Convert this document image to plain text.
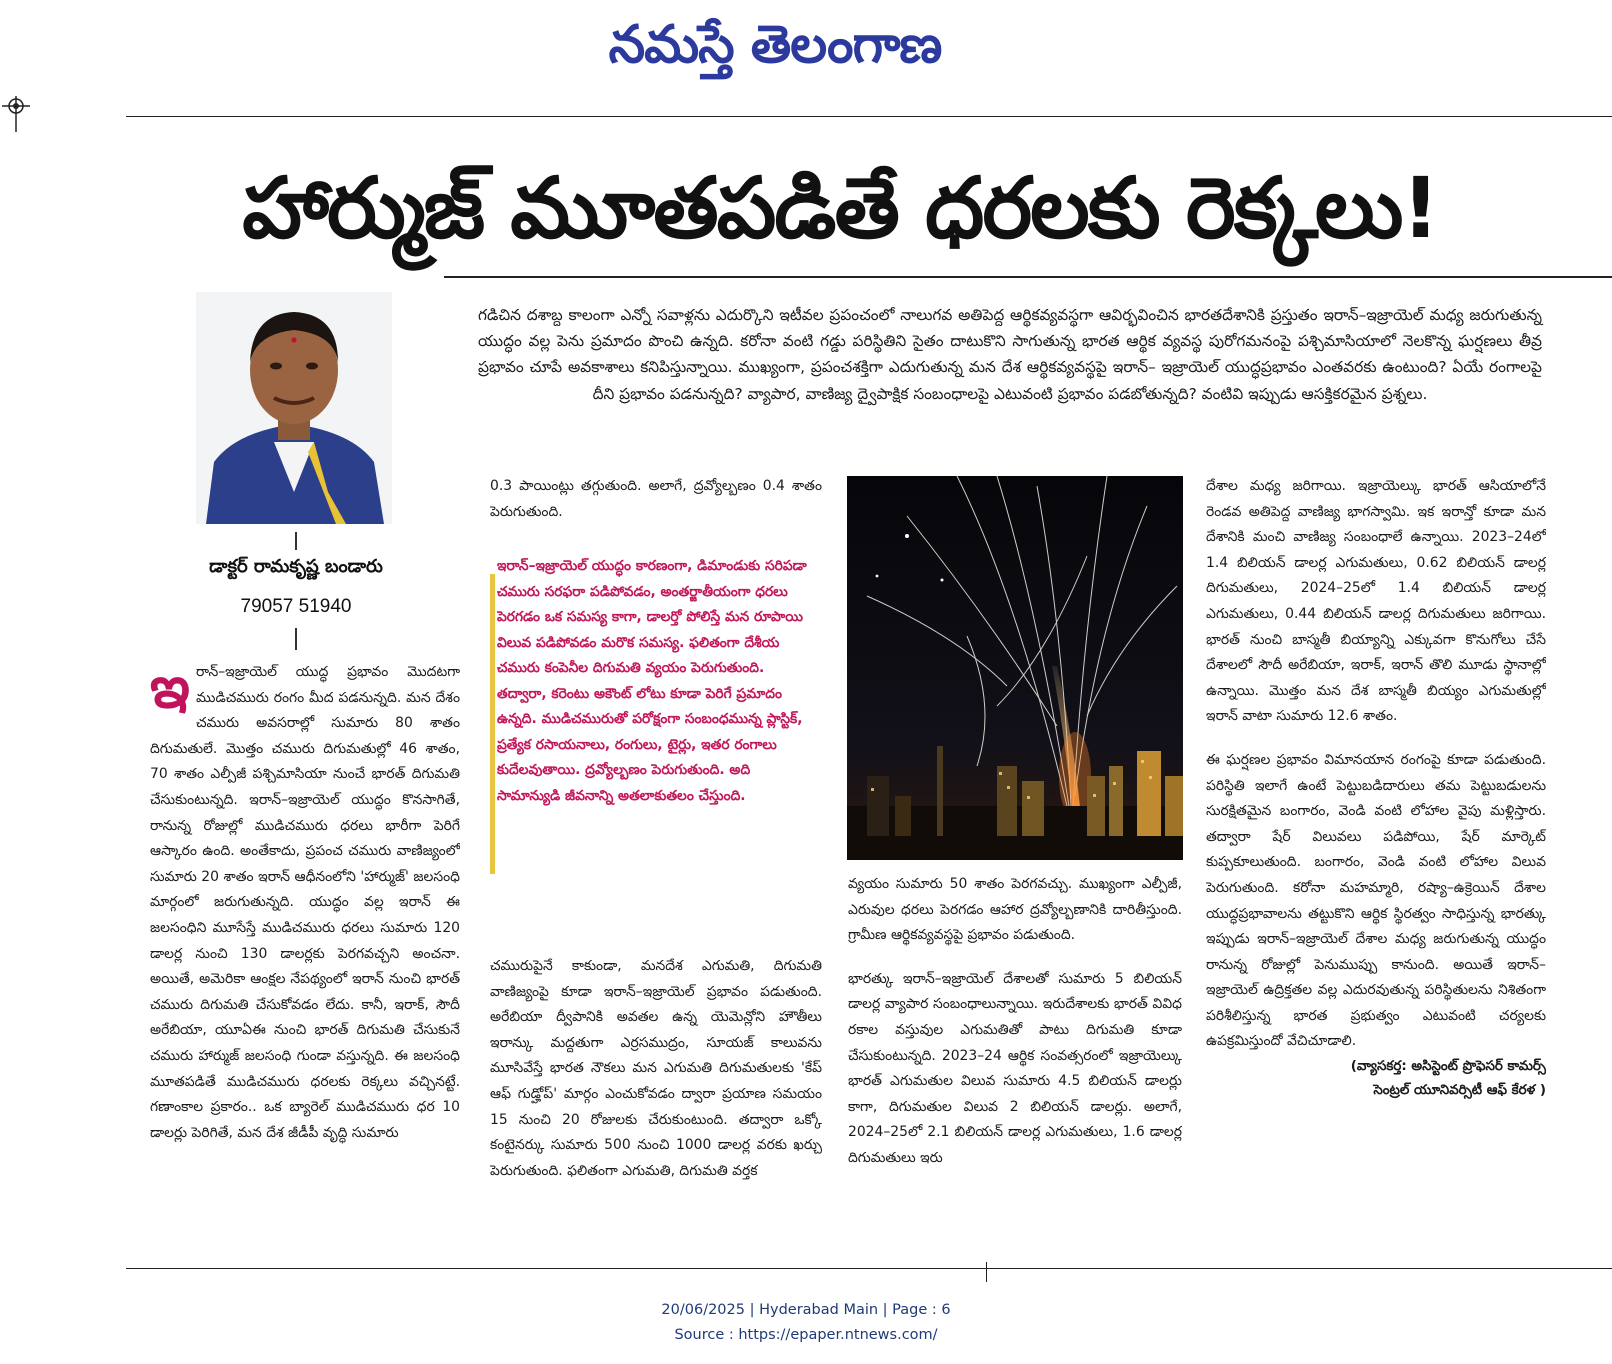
నమస్తే తెలంగాణ
హార్ముజ్ మూతపడితే ధరలకు రెక్కలు!
గడిచిన దశాబ్ద కాలంగా ఎన్నో సవాళ్లను ఎదుర్కొని ఇటీవల ప్రపంచంలో నాలుగవ అతిపెద్ద ఆర్థికవ్యవస్థగా ఆవిర్భవించిన భారతదేశానికి ప్రస్తుతం ఇరాన్–ఇజ్రాయెల్ మధ్య జరుగుతున్న యుద్ధం వల్ల పెను ప్రమాదం పొంచి ఉన్నది. కరోనా వంటి గడ్డు పరిస్థితిని సైతం దాటుకొని సాగుతున్న భారత ఆర్థిక వ్యవస్థ పురోగమనంపై పశ్చిమాసియాలో నెలకొన్న ఘర్షణలు తీవ్ర ప్రభావం చూపే అవకాశాలు కనిపిస్తున్నాయి. ముఖ్యంగా, ప్రపంచశక్తిగా ఎదుగుతున్న మన దేశ ఆర్థికవ్యవస్థపై ఇరాన్– ఇజ్రాయెల్ యుద్ధప్రభావం ఎంతవరకు ఉంటుంది? ఏయే రంగాలపై దీని ప్రభావం పడనున్నది? వ్యాపార, వాణిజ్య ద్వైపాక్షిక సంబంధాలపై ఎటువంటి ప్రభావం పడబోతున్నది? వంటివి ఇప్పుడు ఆసక్తికరమైన ప్రశ్నలు.
డాక్టర్ రామకృష్ణ బండారు
79057 51940
ఇ రాన్–ఇజ్రాయెల్ యుద్ధ ప్రభావం మొదటగా ముడిచమురు రంగం మీద పడనున్నది. మన దేశం చమురు అవసరాల్లో సుమారు 80 శాతం దిగుమతులే. మొత్తం చమురు దిగుమతుల్లో 46 శాతం, 70 శాతం ఎల్పీజీ పశ్చిమాసియా నుంచే భారత్ దిగుమతి చేసుకుంటున్నది. ఇరాన్–ఇజ్రాయెల్ యుద్ధం కొనసాగితే, రానున్న రోజుల్లో ముడిచమురు ధరలు భారీగా పెరిగే ఆస్కారం ఉంది. అంతేకాదు, ప్రపంచ చమురు వాణిజ్యంలో సుమారు 20 శాతం ఇరాన్ ఆధీనంలోని 'హార్ముజ్' జలసంధి మార్గంలో జరుగుతున్నది. యుద్ధం వల్ల ఇరాన్ ఈ జలసంధిని మూసేస్తే ముడిచమురు ధరలు సుమారు 120 డాలర్ల నుంచి 130 డాలర్లకు పెరగవచ్చని అంచనా. అయితే, అమెరికా ఆంక్షల నేపథ్యంలో ఇరాన్ నుంచి భారత్ చమురు దిగుమతి చేసుకోవడం లేదు. కానీ, ఇరాక్, సౌదీ అరేబియా, యూఏఈ నుంచి భారత్ దిగుమతి చేసుకునే చమురు హార్ముజ్ జలసంధి గుండా వస్తున్నది. ఈ జలసంధి మూతపడితే ముడిచమురు ధరలకు రెక్కలు వచ్చినట్టే. గణాంకాల ప్రకారం.. ఒక బ్యారెల్ ముడిచమురు ధర 10 డాలర్లు పెరిగితే, మన దేశ జీడీపీ వృద్ధి సుమారు

0.3 పాయింట్లు తగ్గుతుంది. అలాగే, ద్రవ్యోల్బణం 0.4 శాతం పెరుగుతుంది.

ఇరాన్–ఇజ్రాయెల్ యుద్ధం కారణంగా, డిమాండుకు సరిపడా చమురు సరఫరా పడిపోవడం, అంతర్జాతీయంగా ధరలు పెరగడం ఒక సమస్య కాగా, డాలర్తో పోలిస్తే మన రూపాయి విలువ పడిపోవడం మరొక సమస్య. ఫలితంగా దేశీయ చమురు కంపెనీల దిగుమతి వ్యయం పెరుగుతుంది. తద్వారా, కరెంటు అకౌంట్ లోటు కూడా పెరిగే ప్రమాదం ఉన్నది. ముడిచమురుతో పరోక్షంగా సంబంధమున్న ప్లాస్టిక్, ప్రత్యేక రసాయనాలు, రంగులు, టైర్లు, ఇతర రంగాలు కుదేలవుతాయి. ద్రవ్యోల్బణం పెరుగుతుంది. అది సామాన్యుడి జీవనాన్ని అతలాకుతలం చేస్తుంది.

చమురుపైనే కాకుండా, మనదేశ ఎగుమతి, దిగుమతి వాణిజ్యంపై కూడా ఇరాన్–ఇజ్రాయెల్ ప్రభావం పడుతుంది. అరేబియా ద్వీపానికి అవతల ఉన్న యెమెన్లోని హౌతీలు ఇరాన్కు మద్దతుగా ఎర్రసముద్రం, సూయజ్ కాలువను మూసివేస్తే భారత నౌకలు మన ఎగుమతి దిగుమతులకు 'కేప్ ఆఫ్ గుడ్హోప్' మార్గం ఎంచుకోవడం ద్వారా ప్రయాణ సమయం 15 నుంచి 20 రోజులకు చేరుకుంటుంది. తద్వారా ఒక్కో కంటైనర్కు సుమారు 500 నుంచి 1000 డాలర్ల వరకు ఖర్చు పెరుగుతుంది. ఫలితంగా ఎగుమతి, దిగుమతి వర్తక

వ్యయం సుమారు 50 శాతం పెరగవచ్చు. ముఖ్యంగా ఎల్పీజీ, ఎరువుల ధరలు పెరగడం ఆహార ద్రవ్యోల్బణానికి దారితీస్తుంది. గ్రామీణ ఆర్థికవ్యవస్థపై ప్రభావం పడుతుంది.

భారత్కు ఇరాన్–ఇజ్రాయెల్ దేశాలతో సుమారు 5 బిలియన్ డాలర్ల వ్యాపార సంబంధాలున్నాయి. ఇరుదేశాలకు భారత్ వివిధ రకాల వస్తువుల ఎగుమతితో పాటు దిగుమతి కూడా చేసుకుంటున్నది. 2023–24 ఆర్థిక సంవత్సరంలో ఇజ్రాయెల్కు భారత్ ఎగుమతుల విలువ సుమారు 4.5 బిలియన్ డాలర్లు కాగా, దిగుమతుల విలువ 2 బిలియన్ డాలర్లు. అలాగే, 2024–25లో 2.1 బిలియన్ డాలర్ల ఎగుమతులు, 1.6 డాలర్ల దిగుమతులు ఇరు

దేశాల మధ్య జరిగాయి. ఇజ్రాయెల్కు భారత్ ఆసియాలోనే రెండవ అతిపెద్ద వాణిజ్య భాగస్వామి. ఇక ఇరాన్తో కూడా మన దేశానికి మంచి వాణిజ్య సంబంధాలే ఉన్నాయి. 2023–24లో 1.4 బిలియన్ డాలర్ల ఎగుమతులు, 0.62 బిలియన్ డాలర్ల దిగుమతులు, 2024–25లో 1.4 బిలియన్ డాలర్ల ఎగుమతులు, 0.44 బిలియన్ డాలర్ల దిగుమతులు జరిగాయి. భారత్ నుంచి బాస్మతీ బియ్యాన్ని ఎక్కువగా కొనుగోలు చేసే దేశాలలో సౌదీ అరేబియా, ఇరాక్, ఇరాన్ తొలి మూడు స్థానాల్లో ఉన్నాయి. మొత్తం మన దేశ బాస్మతీ బియ్యం ఎగుమతుల్లో ఇరాన్ వాటా సుమారు 12.6 శాతం.

ఈ ఘర్షణల ప్రభావం విమానయాన రంగంపై కూడా పడుతుంది. పరిస్థితి ఇలాగే ఉంటే పెట్టుబడిదారులు తమ పెట్టుబడులను సురక్షితమైన బంగారం, వెండి వంటి లోహాల వైపు మళ్లిస్తారు. తద్వారా షేర్ విలువలు పడిపోయి, షేర్ మార్కెట్ కుప్పకూలుతుంది. బంగారం, వెండి వంటి లోహాల విలువ పెరుగుతుంది. కరోనా మహమ్మారి, రష్యా–ఉక్రెయిన్ దేశాల యుద్ధప్రభావాలను తట్టుకొని ఆర్థిక స్థిరత్వం సాధిస్తున్న భారత్కు ఇప్పుడు ఇరాన్–ఇజ్రాయెల్ దేశాల మధ్య జరుగుతున్న యుద్ధం రానున్న రోజుల్లో పెనుముప్పు కానుంది. అయితే ఇరాన్–ఇజ్రాయెల్ ఉద్రిక్తతల వల్ల ఎదురవుతున్న పరిస్థితులను నిశితంగా పరిశీలిస్తున్న భారత ప్రభుత్వం ఎటువంటి చర్యలకు ఉపక్రమిస్తుందో వేచిచూడాలి.

(వ్యాసకర్త: అసిస్టెంట్ ప్రొఫెసర్ కామర్స్
సెంట్రల్ యూనివర్సిటీ ఆఫ్ కేరళ )
20/06/2025 | Hyderabad Main | Page : 6
Source : https://epaper.ntnews.com/
